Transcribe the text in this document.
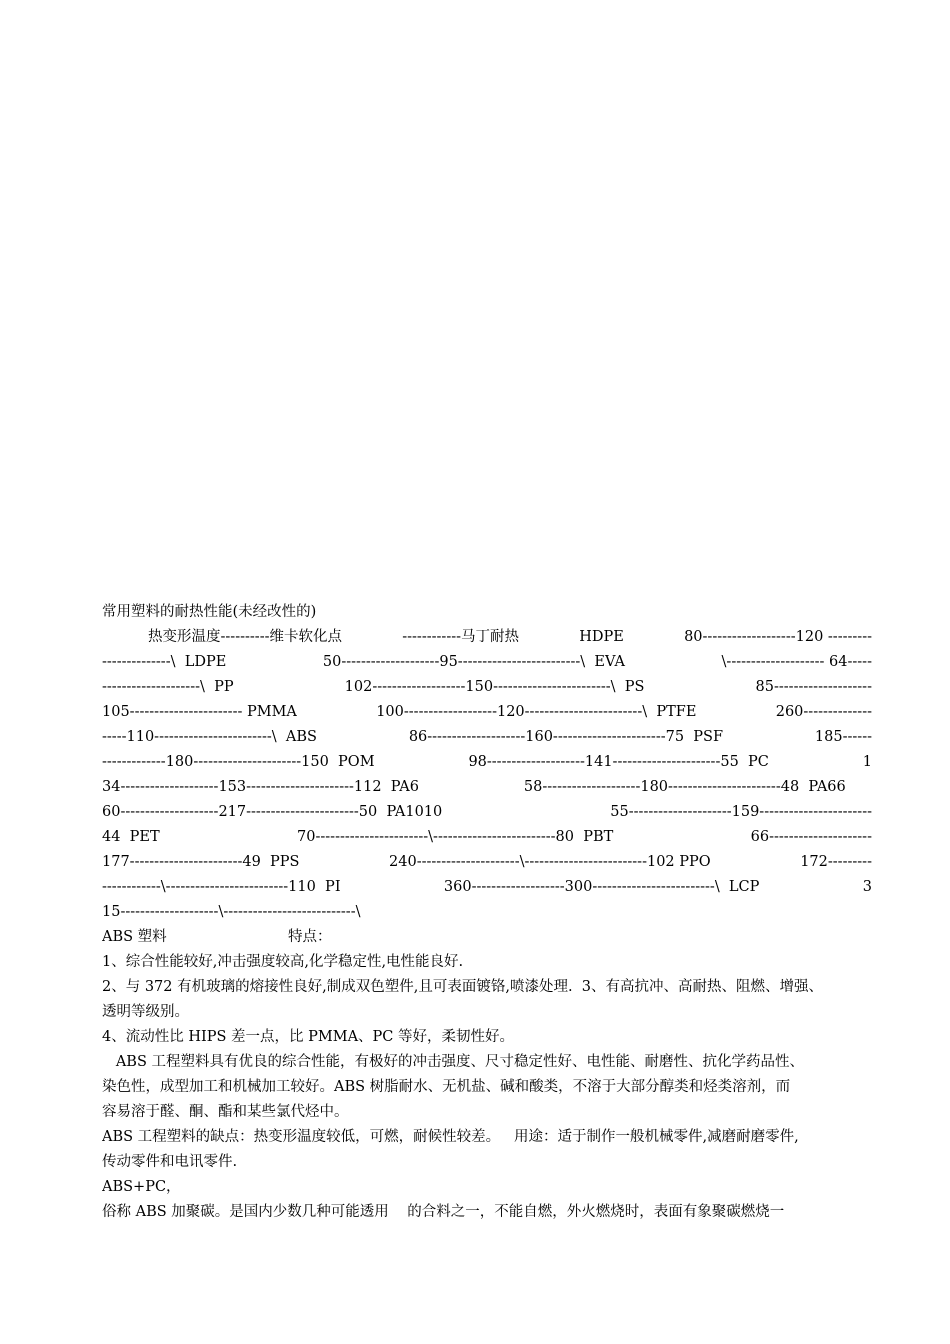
常用塑料的耐热性能(未经改性的)
热变形温度----------维卡软化点	------------马丁耐热	HDPE	80-------------------120 ---------
--------------\  LDPE	50--------------------95-------------------------\  EVA	\-------------------- 64-----
--------------------\  PP	102-------------------150------------------------\  PS	85--------------------
105----------------------- PMMA	100-------------------120------------------------\  PTFE	260--------------
-----110------------------------\  ABS	86--------------------160-----------------------75  PSF	185------
-------------180----------------------150  POM	98--------------------141----------------------55  PC	1
34--------------------153----------------------112  PA6	58--------------------180-----------------------48  PA66
60--------------------217-----------------------50  PA1010	55---------------------159-----------------------
44  PET	70-----------------------\-------------------------80  PBT	66---------------------
177-----------------------49  PPS	240---------------------\-------------------------102 PPO	172---------
------------\-------------------------110  PI	360-------------------300-------------------------\  LCP	3
15--------------------\---------------------------\
ABS 塑料	特点：
1、综合性能较好,冲击强度较高,化学稳定性,电性能良好.
2、与 372 有机玻璃的熔接性良好,制成双色塑件,且可表面镀铬,喷漆处理.  3、有高抗冲、高耐热、阻燃、增强、
透明等级别。
4、流动性比 HIPS 差一点，比 PMMA、PC 等好，柔韧性好。
ABS 工程塑料具有优良的综合性能，有极好的冲击强度、尺寸稳定性好、电性能、耐磨性、抗化学药品性、
染色性，成型加工和机械加工较好。ABS 树脂耐水、无机盐、碱和酸类，不溶于大部分醇类和烃类溶剂，而
容易溶于醛、酮、酯和某些氯代烃中。
ABS 工程塑料的缺点：热变形温度较低，可燃，耐候性较差。   用途：适于制作一般机械零件,减磨耐磨零件,
传动零件和电讯零件.
ABS+PC，
俗称 ABS 加聚碳。是国内少数几种可能透用    的合料之一，不能自燃，外火燃烧时，表面有象聚碳燃烧一
